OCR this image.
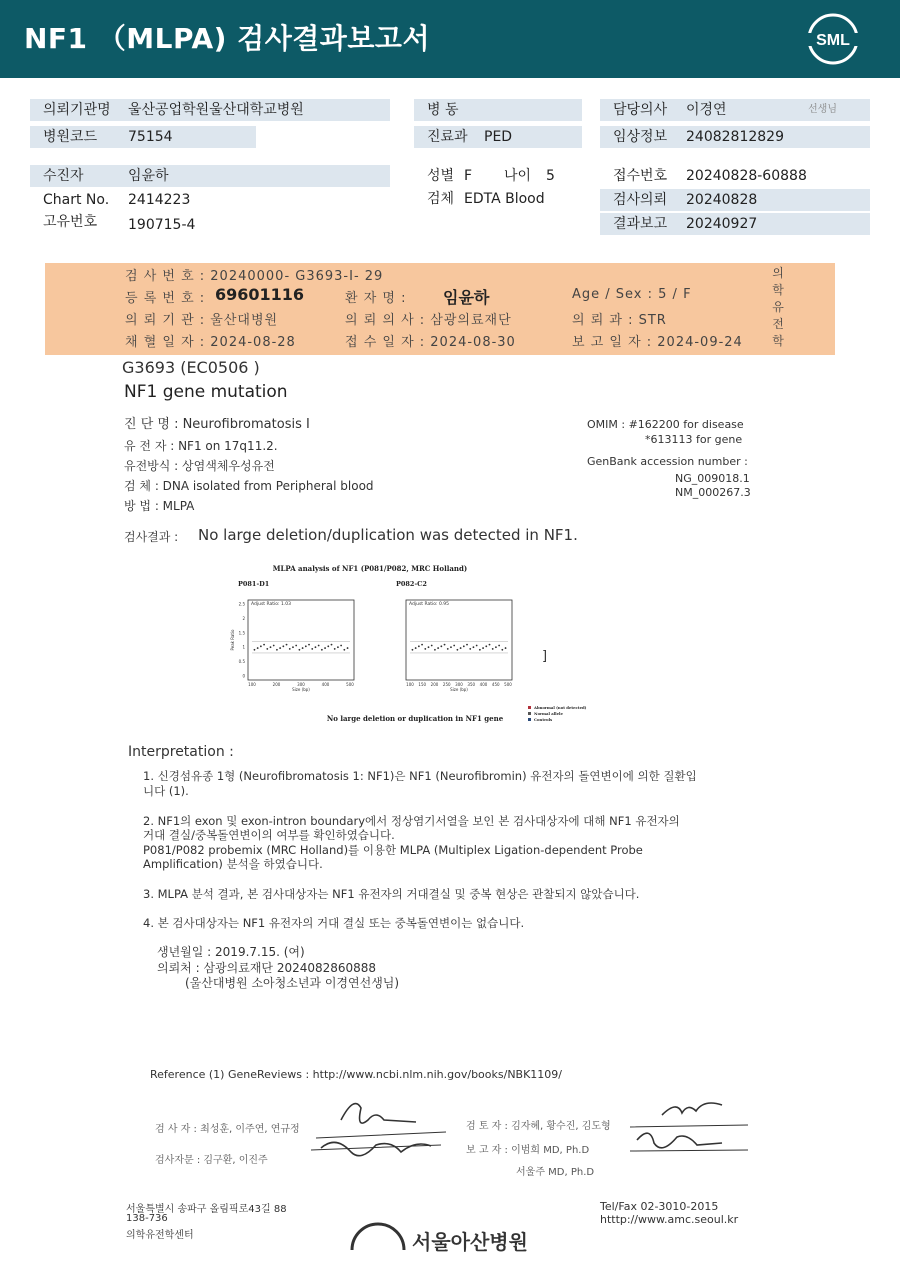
NF1 （MLPA) 검사결과보고서	SML
의뢰기관명 울산공업학원울산대학교병원
병원코드 75154
병 동
진료과 PED
담당의사 이경연	선생님
임상정보 24082812829
수진자	임윤하
Chart No. 2414223
고유번호 190715-4
성별 F 나이 5
검체 EDTA Blood
접수번호 20240828-60888
검사의뢰 20240828
결과보고 20240927
검 사 번 호 : 20240000- G3693-I- 29
등 록 번 호 : 69601116	환 자 명 : 임윤하	Age / Sex : 5 / F
의 뢰 기 관 : 울산대병원	의 뢰 의 사 : 삼광의료재단	의 뢰 과 : STR
채 혈 일 자 : 2024-08-28	접 수 일 자 : 2024-08-30	보 고 일 자 : 2024-09-24
의
학
유
전
학
G3693 (EC0506 )
NF1 gene mutation
진 단 명 : Neurofibromatosis I
유 전 자 : NF1 on 17q11.2.
유전방식 : 상염색체우성유전
검 체 : DNA isolated from Peripheral blood
방 법 : MLPA
OMIM : #162200 for disease
*613113 for gene
GenBank accession number :
NG_009018.1
NM_000267.3
검사결과 : No large deletion/duplication was detected in NF1.
MLPA analysis of NF1 (P081/P082, MRC Holland)
P081-D1
Adjust Ratio: 1.03
0
0.5
1
1.5
2
2.5
100	200	300	400	500
Size (bp)
Peak Ratio
P082-C2
Adjust Ratio: 0.95
100 150 200 250 300 350 400 450 500
Size (bp)
No large deletion or duplication in NF1 gene
Abnormal (not detected)
Normal allele
Controls
]
Interpretation :

1. 신경섬유종 1형 (Neurofibromatosis 1: NF1)은 NF1 (Neurofibromin) 유전자의 돌연변이에 의한 질환입

니다 (1).

2. NF1의 exon 및 exon-intron boundary에서 정상염기서열을 보인 본 검사대상자에 대해 NF1 유전자의

거대 결실/중복돌연변이의 여부를 확인하였습니다.

P081/P082 probemix (MRC Holland)를 이용한 MLPA (Multiplex Ligation-dependent Probe

Amplification) 분석을 하였습니다.

3. MLPA 분석 결과, 본 검사대상자는 NF1 유전자의 거대결실 및 중복 현상은 관찰되지 않았습니다.

4. 본 검사대상자는 NF1 유전자의 거대 결실 또는 중복돌연변이는 없습니다.

생년월일 : 2019.7.15. (여)
의뢰처 : 삼광의료재단 2024082860888
(울산대병원 소아청소년과 이경연선생님)
Reference (1) GeneReviews : http://www.ncbi.nlm.nih.gov/books/NBK1109/
검 사 자 : 최성훈, 이주연, 연규정
검사자문 : 김구환, 이진주
검 토 자 : 김자혜, 황수진, 김도형
보 고 자 : 이범희 MD, Ph.D
서울주 MD, Ph.D
서울특별시 송파구 올림픽로43길 88
138-736
의학유전학센터
Tel/Fax 02-3010-2015
htttp://www.amc.seoul.kr
서울아산병원
